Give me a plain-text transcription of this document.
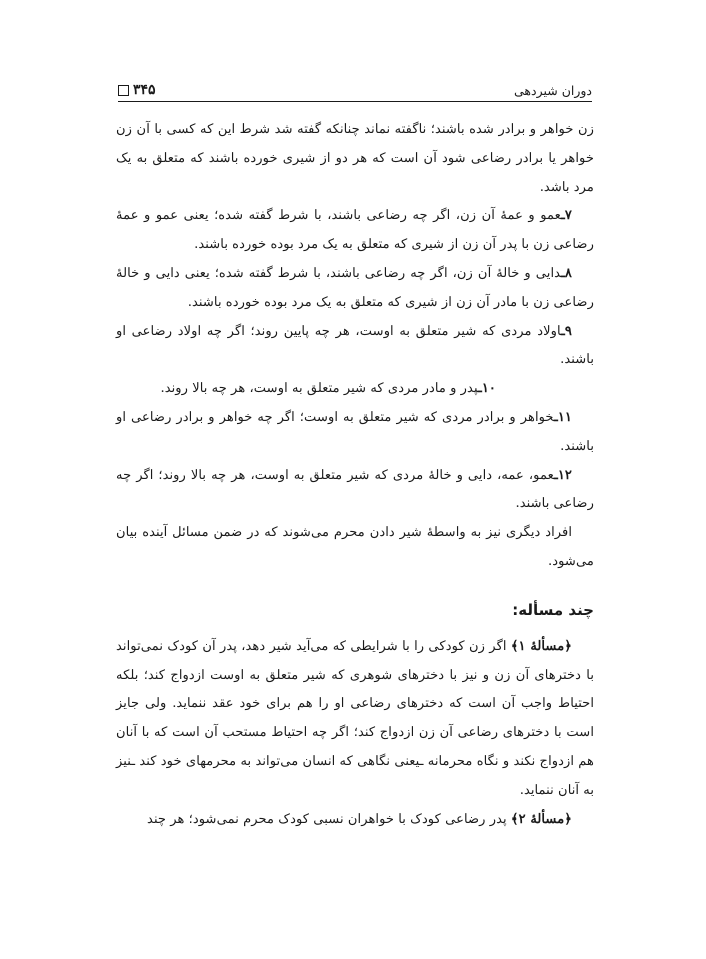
۳۴۵	دوران شیردهی

زن خواهر و برادر شده باشند؛ ناگفته نماند چنانکه گفته شد شرط این که کسی با آن زن خواهر یا برادر رضاعی شود آن است که هر دو از شیری خورده باشند که متعلق به یک مرد باشد.

۷ـعمو و عمهٔ آن زن، اگر چه رضاعی باشند، با شرط گفته شده؛ یعنی عمو و عمهٔ رضاعی زن با پدر آن زن از شیری که متعلق به یک مرد بوده خورده باشند.

۸ـدایی و خالهٔ آن زن، اگر چه رضاعی باشند، با شرط گفته شده؛ یعنی دایی و خالهٔ رضاعی زن با مادر آن زن از شیری که متعلق به یک مرد بوده خورده باشند.

۹ـاولاد مردی که شیر متعلق به اوست، هر چه پایین روند؛ اگر چه اولاد رضاعی او باشند.

۱۰ـپدر و مادر مردی که شیر متعلق به اوست، هر چه بالا روند.

۱۱ـخواهر و برادر مردی که شیر متعلق به اوست؛ اگر چه خواهر و برادر رضاعی او باشند.

۱۲ـعمو، عمه، دایی و خالهٔ مردی که شیر متعلق به اوست، هر چه بالا روند؛ اگر چه رضاعی باشند.

افراد دیگری نیز به واسطهٔ شیر دادن محرم می‌شوند که در ضمن مسائل آینده بیان می‌شود.

چند مسأله:

﴿مسألهٔ ۱﴾ اگر زن کودکی را با شرایطی که می‌آید شیر دهد، پدر آن کودک نمی‌تواند با دخترهای آن زن و نیز با دخترهای شوهری که شیر متعلق به اوست ازدواج کند؛ بلکه احتیاط واجب آن است که دخترهای رضاعی او را هم برای خود عقد ننماید. ولی جایز است با دخترهای رضاعی آن زن ازدواج کند؛ اگر چه احتیاط مستحب آن است که با آنان هم ازدواج نکند و نگاه محرمانه ـیعنی نگاهی که انسان می‌تواند به محرمهای خود کند ـنیز به آنان ننماید.

﴿مسألهٔ ۲﴾ پدر رضاعی کودک با خواهران نسبی کودک محرم نمی‌شود؛ هر چند
